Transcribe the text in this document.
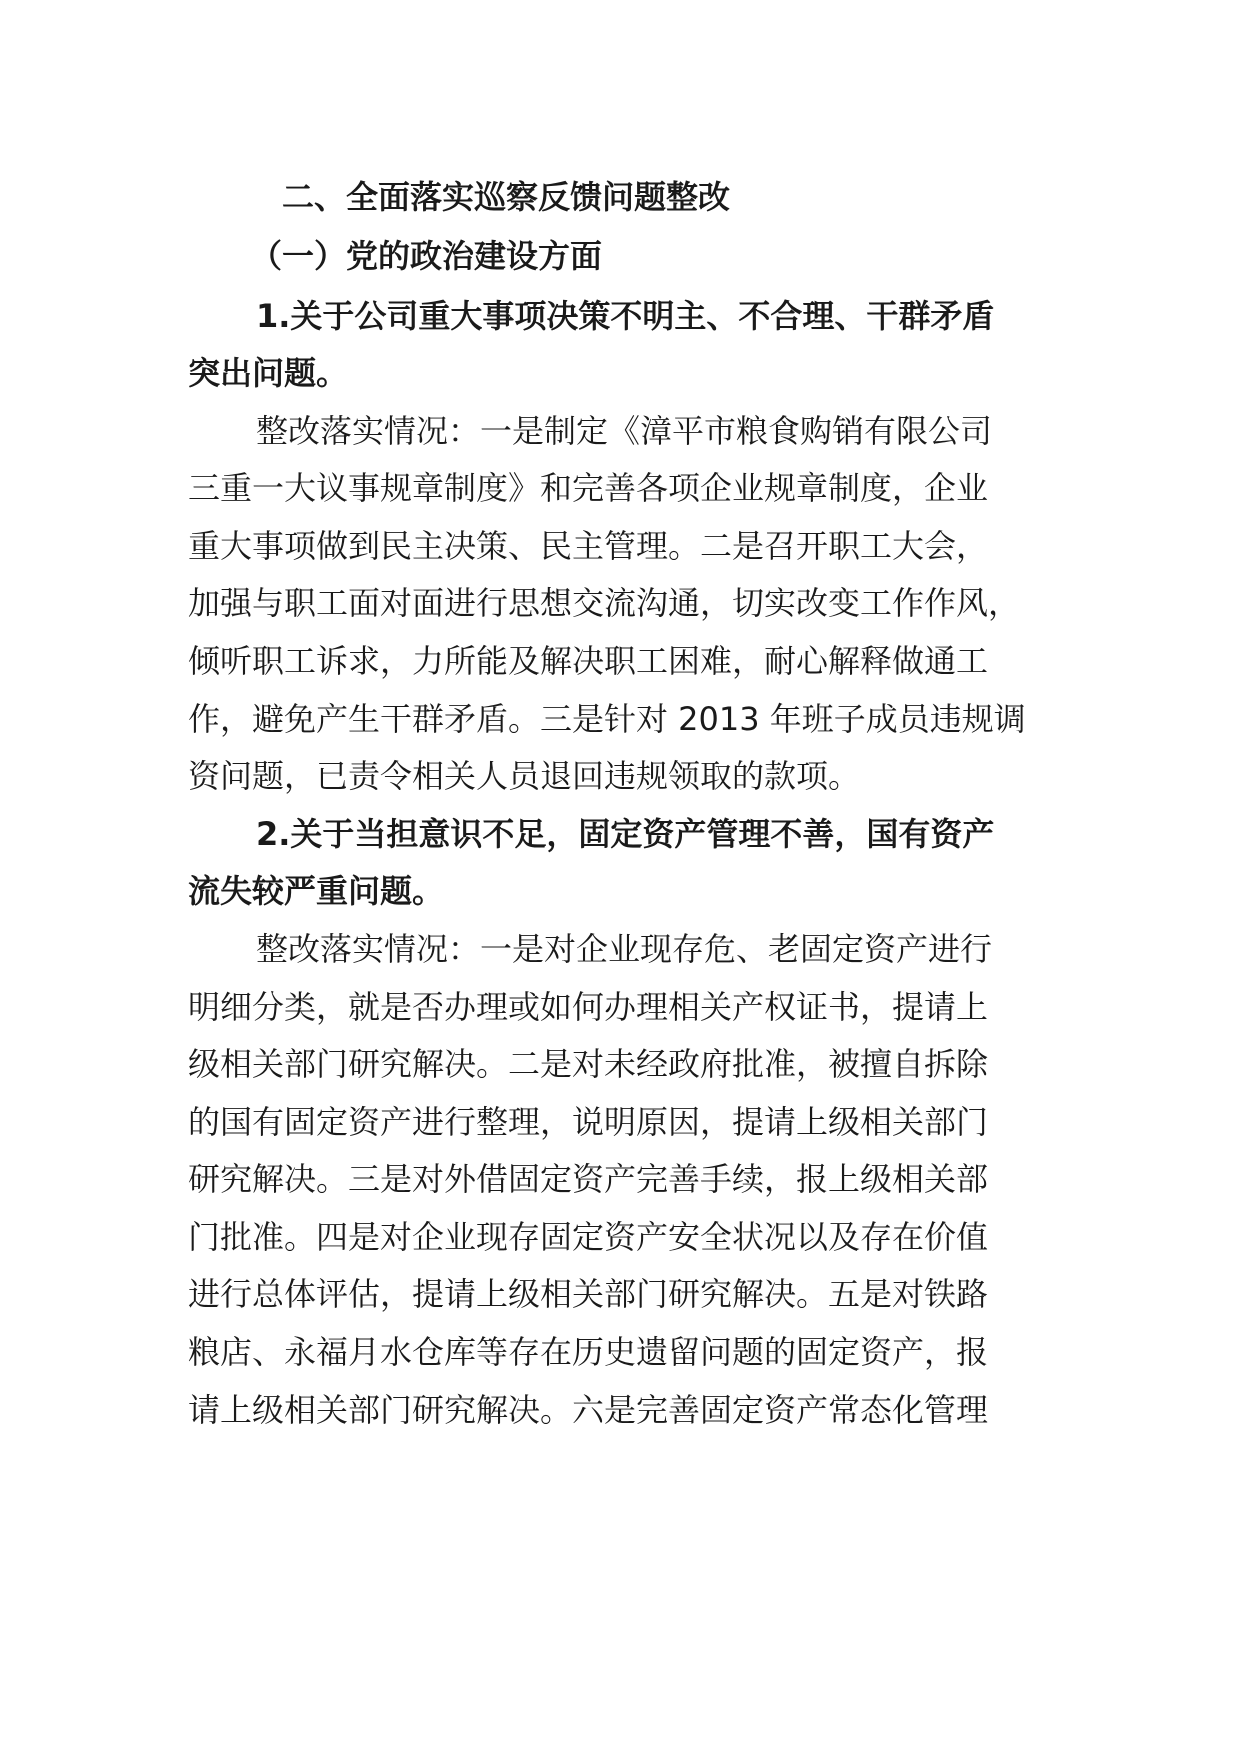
二、全面落实巡察反馈问题整改
（一）党的政治建设方面
1.关于公司重大事项决策不明主、不合理、干群矛盾
突出问题。
整改落实情况：一是制定《漳平市粮食购销有限公司
三重一大议事规章制度》和完善各项企业规章制度，企业
重大事项做到民主决策、民主管理。二是召开职工大会，
加强与职工面对面进行思想交流沟通，切实改变工作作风，
倾听职工诉求，力所能及解决职工困难，耐心解释做通工
作，避免产生干群矛盾。三是针对 2013 年班子成员违规调
资问题，已责令相关人员退回违规领取的款项。
2.关于当担意识不足，固定资产管理不善，国有资产
流失较严重问题。
整改落实情况：一是对企业现存危、老固定资产进行
明细分类，就是否办理或如何办理相关产权证书，提请上
级相关部门研究解决。二是对未经政府批准，被擅自拆除
的国有固定资产进行整理，说明原因，提请上级相关部门
研究解决。三是对外借固定资产完善手续，报上级相关部
门批准。四是对企业现存固定资产安全状况以及存在价值
进行总体评估，提请上级相关部门研究解决。五是对铁路
粮店、永福月水仓库等存在历史遗留问题的固定资产，报
请上级相关部门研究解决。六是完善固定资产常态化管理
